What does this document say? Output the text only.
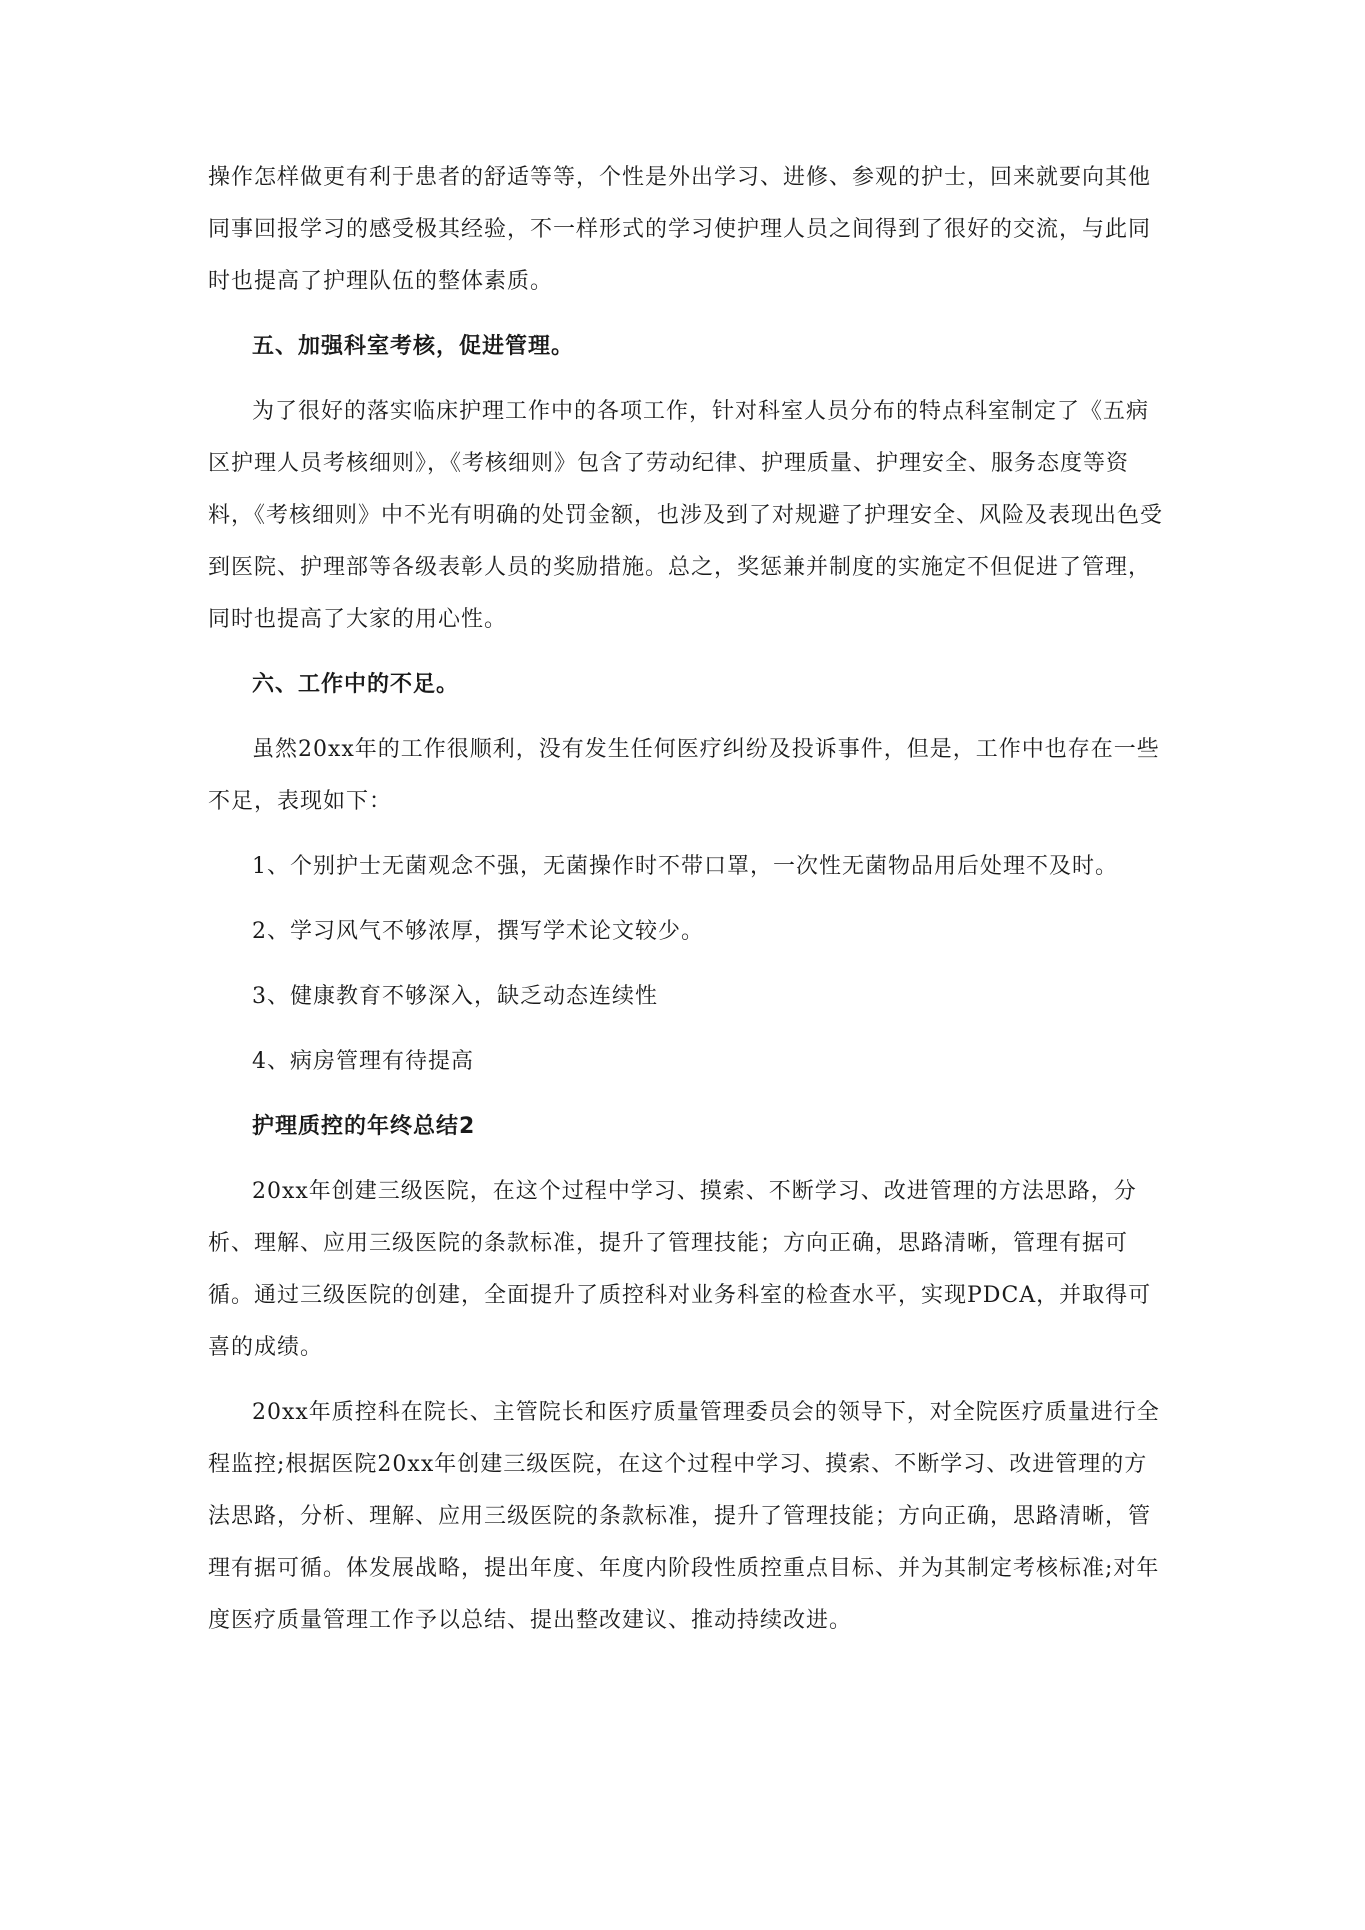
操作怎样做更有利于患者的舒适等等，个性是外出学习、进修、参观的护士，回来就要向其他同事回报学习的感受极其经验，不一样形式的学习使护理人员之间得到了很好的交流，与此同时也提高了护理队伍的整体素质。

五、加强科室考核，促进管理。

为了很好的落实临床护理工作中的各项工作，针对科室人员分布的特点科室制定了《五病区护理人员考核细则》，《考核细则》包含了劳动纪律、护理质量、护理安全、服务态度等资料，《考核细则》中不光有明确的处罚金额，也涉及到了对规避了护理安全、风险及表现出色受到医院、护理部等各级表彰人员的奖励措施。总之，奖惩兼并制度的实施定不但促进了管理，同时也提高了大家的用心性。

六、工作中的不足。

虽然20xx年的工作很顺利，没有发生任何医疗纠纷及投诉事件，但是，工作中也存在一些不足，表现如下：

1、个别护士无菌观念不强，无菌操作时不带口罩，一次性无菌物品用后处理不及时。

2、学习风气不够浓厚，撰写学术论文较少。

3、健康教育不够深入，缺乏动态连续性

4、病房管理有待提高

护理质控的年终总结2

20xx年创建三级医院，在这个过程中学习、摸索、不断学习、改进管理的方法思路，分析、理解、应用三级医院的条款标准，提升了管理技能；方向正确，思路清晰，管理有据可循。通过三级医院的创建，全面提升了质控科对业务科室的检查水平，实现PDCA，并取得可喜的成绩。

20xx年质控科在院长、主管院长和医疗质量管理委员会的领导下，对全院医疗质量进行全程监控;根据医院20xx年创建三级医院，在这个过程中学习、摸索、不断学习、改进管理的方法思路，分析、理解、应用三级医院的条款标准，提升了管理技能；方向正确，思路清晰，管理有据可循。体发展战略，提出年度、年度内阶段性质控重点目标、并为其制定考核标准;对年度医疗质量管理工作予以总结、提出整改建议、推动持续改进。
